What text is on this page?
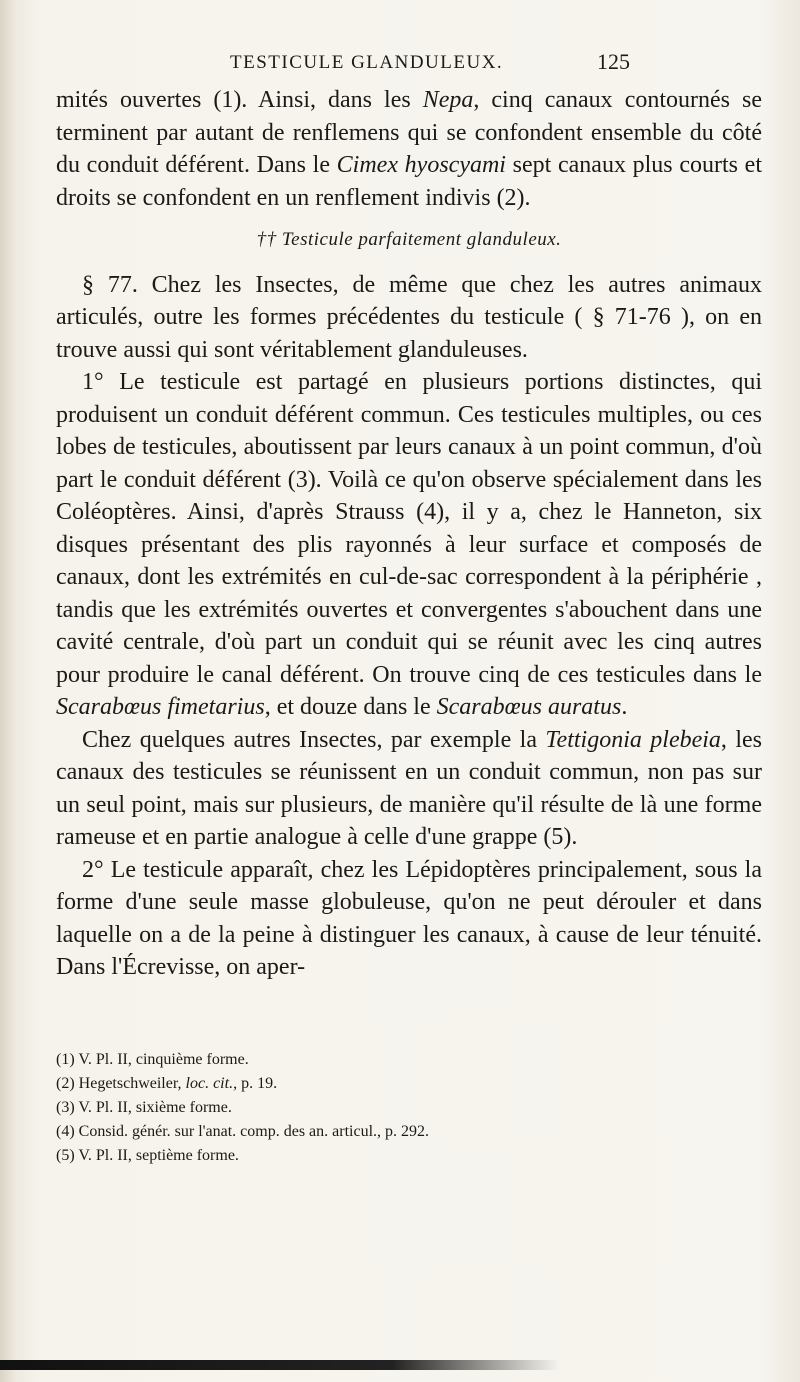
TESTICULE GLANDULEUX.	125

mités ouvertes (1). Ainsi, dans les Nepa, cinq canaux contournés se terminent par autant de renflemens qui se confondent ensemble du côté du conduit déférent. Dans le Cimex hyoscyami sept canaux plus courts et droits se confondent en un renflement indivis (2).

†† Testicule parfaitement glanduleux.

§ 77. Chez les Insectes, de même que chez les autres animaux articulés, outre les formes précédentes du testicule ( § 71-76 ), on en trouve aussi qui sont véritablement glanduleuses.

1° Le testicule est partagé en plusieurs portions distinctes, qui produisent un conduit déférent commun. Ces testicules multiples, ou ces lobes de testicules, aboutissent par leurs canaux à un point commun, d'où part le conduit déférent (3). Voilà ce qu'on observe spécialement dans les Coléoptères. Ainsi, d'après Strauss (4), il y a, chez le Hanneton, six disques présentant des plis rayonnés à leur surface et composés de canaux, dont les extrémités en cul-de-sac correspondent à la périphérie , tandis que les extrémités ouvertes et convergentes s'abouchent dans une cavité centrale, d'où part un conduit qui se réunit avec les cinq autres pour produire le canal déférent. On trouve cinq de ces testicules dans le Scarabœus fimetarius, et douze dans le Scarabœus auratus.

Chez quelques autres Insectes, par exemple la Tettigonia plebeia, les canaux des testicules se réunissent en un conduit commun, non pas sur un seul point, mais sur plusieurs, de manière qu'il résulte de là une forme rameuse et en partie analogue à celle d'une grappe (5).

2° Le testicule apparaît, chez les Lépidoptères principalement, sous la forme d'une seule masse globuleuse, qu'on ne peut dérouler et dans laquelle on a de la peine à distinguer les canaux, à cause de leur ténuité. Dans l'Écrevisse, on aper-

(1) V. Pl. II, cinquième forme.
(2) Hegetschweiler, loc. cit., p. 19.
(3) V. Pl. II, sixième forme.
(4) Consid. génér. sur l'anat. comp. des an. articul., p. 292.
(5) V. Pl. II, septième forme.
